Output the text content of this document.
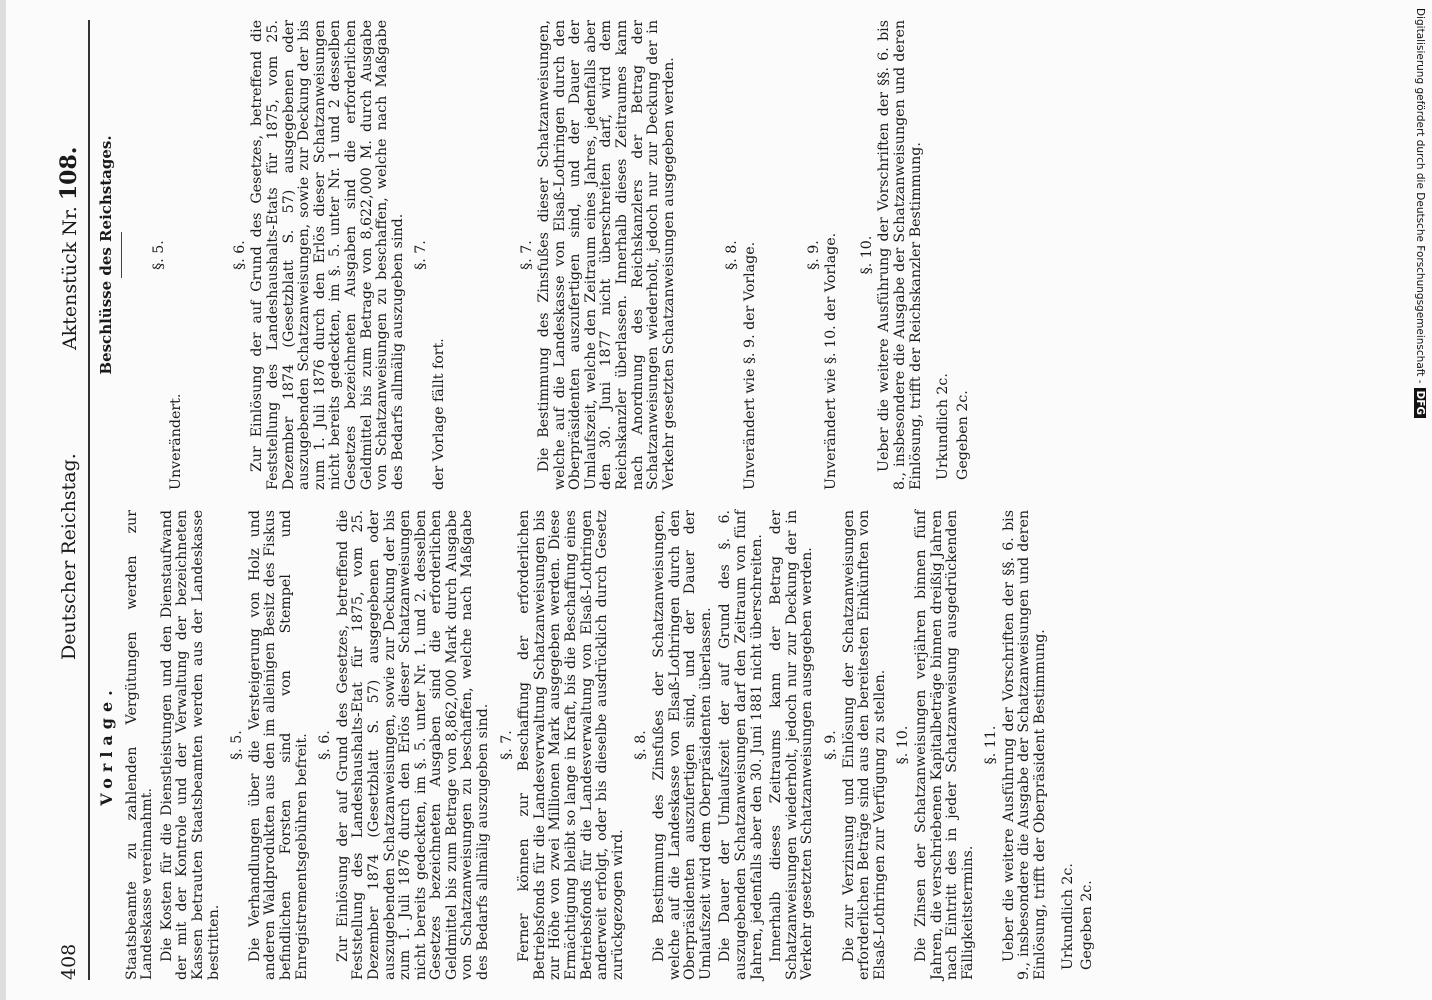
408
Deutscher Reichstag.
Aktenstück Nr. 108.
Vorlage. Staatsbeamte zu zahlenden Vergütungen werden zur Landeskasse vereinnahmt. Die Kosten für die Dienstleistungen und den Dienstaufwand der mit der Kontrole und der Verwaltung der bezeichneten Kassen betrauten Staatsbeamten werden aus der Landeskasse bestritten.

§. 5. Die Verhandlungen über die Versteigerung von Holz und anderen Waldprodukten aus den im alleinigen Besitz des Fiskus befindlichen Forsten sind von Stempel und Enregistrementsgebühren befreit. §. 6. Zur Einlösung der auf Grund des Gesetzes, betreffend die Feststellung des Landeshaushalts-Etat für 1875, vom 25. Dezember 1874 (Gesetzblatt S. 57) ausgegebenen oder auszugebenden Schatzanweisungen, sowie zur Deckung der bis zum 1. Juli 1876 durch den Erlös dieser Schatzanweisungen nicht bereits gedeckten, im §. 5. unter Nr. 1. und 2. desselben Gesetzes bezeichneten Ausgaben sind die erforderlichen Geldmittel bis zum Betrage von 8,862,000 Mark durch Ausgabe von Schatzanweisungen zu beschaffen, welche nach Maßgabe des Bedarfs allmälig auszugeben sind. §. 7. Ferner können zur Beschaffung der erforderlichen Betriebsfonds für die Landesverwaltung Schatzanweisungen bis zur Höhe von zwei Millionen Mark ausgegeben werden. Diese Ermächtigung bleibt so lange in Kraft, bis die Beschaffung eines Betriebsfonds für die Landesverwaltung von Elsaß-Lothringen anderweit erfolgt, oder bis dieselbe ausdrücklich durch Gesetz zurückgezogen wird.

§. 8. Die Bestimmung des Zinsfußes der Schatzanweisungen, welche auf die Landeskasse von Elsaß-Lothringen durch den Oberpräsidenten auszufertigen sind, und der Dauer der Umlaufszeit wird dem Oberpräsidenten überlassen. Die Dauer der Umlaufszeit der auf Grund des §. 6. auszugebenden Schatzanweisungen darf den Zeitraum von fünf Jahren, jedenfalls aber den 30. Juni 1881 nicht überschreiten. Innerhalb dieses Zeitraums kann der Betrag der Schatzanweisungen wiederholt, jedoch nur zur Deckung der in Verkehr gesetzten Schatzanweisungen ausgegeben werden. §. 9. Die zur Verzinsung und Einlösung der Schatzanweisungen erforderlichen Beträge sind aus den bereitesten Einkünften von Elsaß-Lothringen zur Verfügung zu stellen. §. 10. Die Zinsen der Schatzanweisungen verjähren binnen fünf Jahren, die verschriebenen Kapitalbeträge binnen dreißig Jahren nach Eintritt des in jeder Schatzanweisung ausgedrückenden Fälligkeitstermins.

§. 11. Ueber die weitere Ausführung der Vorschriften der §§. 6. bis 9., insbesondere die Ausgabe der Schatzanweisungen und deren Einlösung, trifft der Oberpräsident Bestimmung. Urkundlich 2c. Gegeben 2c.

Beschlüsse des Reichstages.	§. 5.

Unverändert.

§. 6. Zur Einlösung der auf Grund des Gesetzes, betreffend die Feststellung des Landeshaushalts-Etats für 1875, vom 25. Dezember 1874 (Gesetzblatt S. 57) ausgegebenen oder auszugebenden Schatzanweisungen, sowie zur Deckung der bis zum 1. Juli 1876 durch den Erlös dieser Schatzanweisungen nicht bereits gedeckten, im §. 5. unter Nr. 1 und 2 desselben Gesetzes bezeichneten Ausgaben sind die erforderlichen Geldmittel bis zum Betrage von 8,622,000 M. durch Ausgabe von Schatzanweisungen zu beschaffen, welche nach Maßgabe des Bedarfs allmälig auszugeben sind. §. 7.

der Vorlage fällt fort.

§. 7. Die Bestimmung des Zinsfußes dieser Schatzanweisungen, welche auf die Landeskasse von Elsaß-Lothringen durch den Oberpräsidenten auszufertigen sind, und der Dauer der Umlaufszeit, welche den Zeitraum eines Jahres, jedenfalls aber den 30. Juni 1877 nicht überschreiten darf, wird dem Reichskanzler überlassen. Innerhalb dieses Zeitraumes kann nach Anordnung des Reichskanzlers der Betrag der Schatzanweisungen wiederholt, jedoch nur zur Deckung der in Verkehr gesetzten Schatzanweisungen ausgegeben werden.	§. 8. Unverändert wie §. 9. der Vorlage.	§. 9. Unverändert wie §. 10. der Vorlage. §. 10. Ueber die weitere Ausführung der Vorschriften der §§. 6. bis 8., insbesondere die Ausgabe der Schatzanweisungen und deren Einlösung, trifft der Reichskanzler Bestimmung. Urkundlich 2c. Gegeben 2c.

Digitalisierung gefördert durch die Deutsche Forschungsgemeinschaft -DFG
